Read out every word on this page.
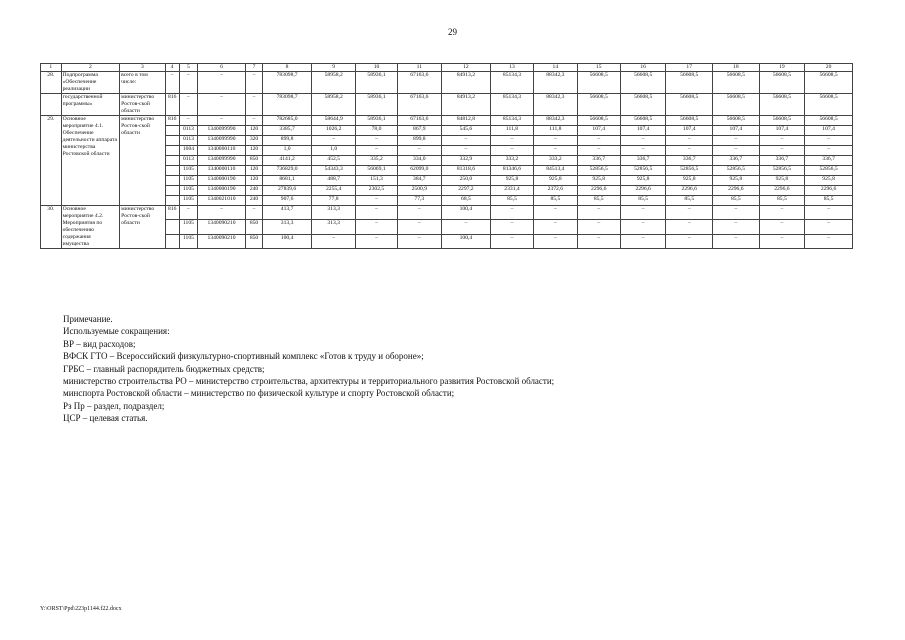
29
1	2	3	4	5	6	7	8	9	10	11	12	13	14	15	16	17	18	19	20
28.	Подпрограмма «Обеспечение реализации	всего в том числе:	–	–	–	–	783098,7	58958,2	58936,1	67163,6	84913,2	85134,3	88342,3	56608,5	56608,5	56608,5	56608,5	56608,5	56608,5
	государственной программы»	министерство Ростов-ской области	816	–	–	–	783098,7	58958,2	58936,1	67163,6	84913,2	85134,3	88342,3	56608,5	56608,5	56608,5	56608,5	56608,5	56608,5
29.	Основное мероприятие 4.1. Обеспечение деятельности аппарата министерства Ростовской области	министерство Ростов-ской области	816	–	–	–	782685,0	58644,9	58936,1	67163,6	84812,8	85134,3	88342,3	56608,5	56608,5	56608,5	56608,5	56608,5	56608,5
				0113	1340099990	120	3385,7	1026,2	78,0	867,9	545,6	111,8	111,8	107,4	107,4	107,4	107,4	107,4	107,4
				0113	1340099990	320	899,8	–	–	899,8	–	–	–	–	–	–	–	–	–
				1004	1340000110	120	1,0	1,0	–	–	–	–	–	–	–	–	–	–	–
				0113	1340099990	850	4141,2	452,5	335,2	334,0	332,9	333,2	333,2	336,7	336,7	336,7	336,7	336,7	336,7
				1105	1340000110	120	736829,0	54343,3	56069,1	62099,0	81318,6	81346,6	84513,4	52856,5	52856,5	52856,5	52856,5	52856,5	52856,5
				1105	1340000190	120	8681,1	488,7	151,3	384,7	250,0	925,8	925,8	925,8	925,8	925,8	925,8	925,8	925,8
				1105	1340000190	240	27839,6	2255,4	2302,5	2500,9	2297,2	2331,4	2372,6	2296,6	2296,6	2296,6	2296,6	2296,6	2296,6
				1105	1340021010	240	907,6	77,8	–	77,3	68,5	85,5	85,5	85,5	85,5	85,5	85,5	85,5	85,5
30.	Основное мероприятие 4.2. Мероприятия по обеспечению содержания имущества	министерство Ростов-ской области	816	–	–	–	413,7	313,3	–	–	100,4	–	–	–	–	–	–	–	–
				1105	1340090210	850	313,3	313,3	–	–	–	–	–	–	–	–	–	–	–
				1105	1340090210	850	100,4	–	–	–	100,4	–	–	–	–	–	–	–	–
Примечание.
Используемые сокращения:
ВР – вид расходов;
ВФСК ГТО – Всероссийский физкультурно-спортивный комплекс «Готов к труду и обороне»;
ГРБС – главный распорядитель бюджетных средств;
министерство строительства РО – министерство строительства, архитектуры и территориального развития Ростовской области;
минспорта Ростовской области – министерство по физической культуре и спорту Ростовской области;
Рз Пр – раздел, подраздел;
ЦСР – целевая статья.
Y:\ORST\Ppd\223p1144.f22.docx
